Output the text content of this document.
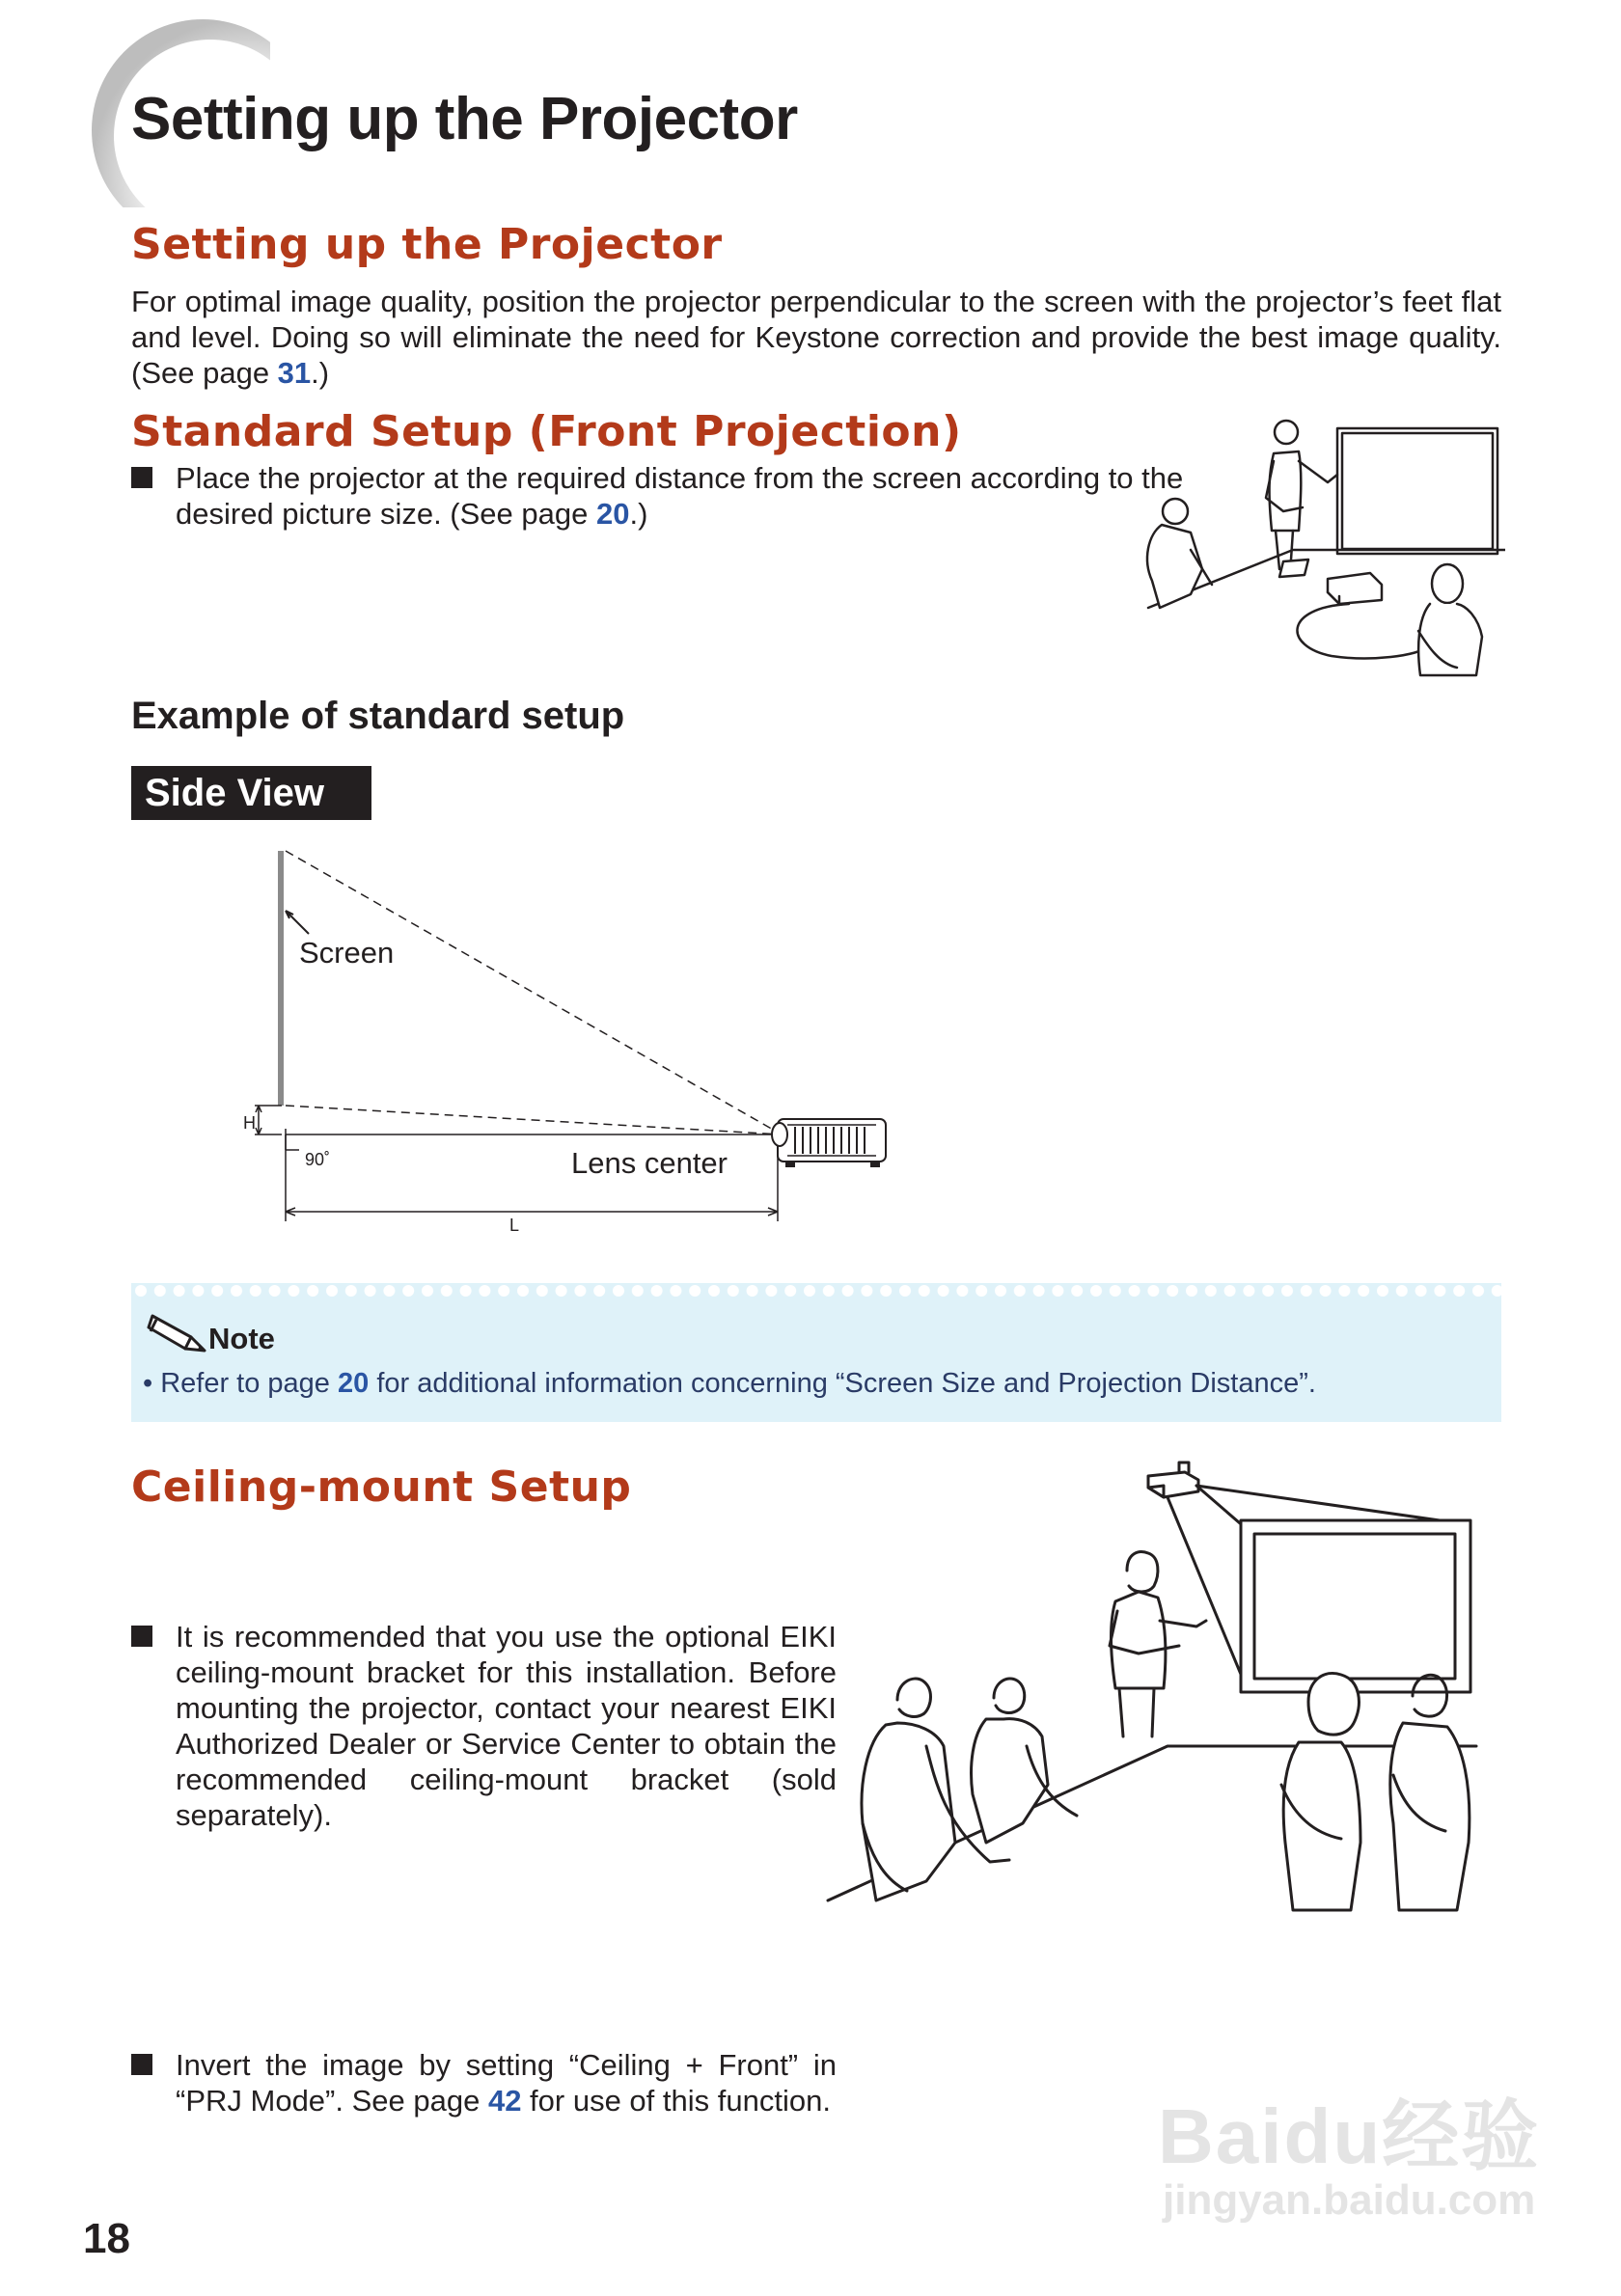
Setting up the Projector
Setting up the Projector
For optimal image quality, position the projector perpendicular to the screen with the projector’s feet flat and level. Doing so will eliminate the need for Keystone correction and provide the best image quality. (See page 31.)
Standard Setup (Front Projection)
Place the projector at the required distance from the screen according to the desired picture size. (See page 20.)
Example of standard setup
Side View
Screen
H
90˚	Lens center
L
Note
• Refer to page 20 for additional information concerning “Screen Size and Projection Distance”.
Ceiling-mount Setup
It is recommended that you use the optional EIKI ceiling-mount bracket for this installation. Before mounting the projector, contact your nearest EIKI Authorized Dealer or Service Center to obtain the recommended ceiling-mount bracket (sold separately).
Invert the image by setting “Ceiling + Front” in “PRJ Mode”. See page 42 for use of this function.	Baidu经验
jingyan.baidu.com
18
